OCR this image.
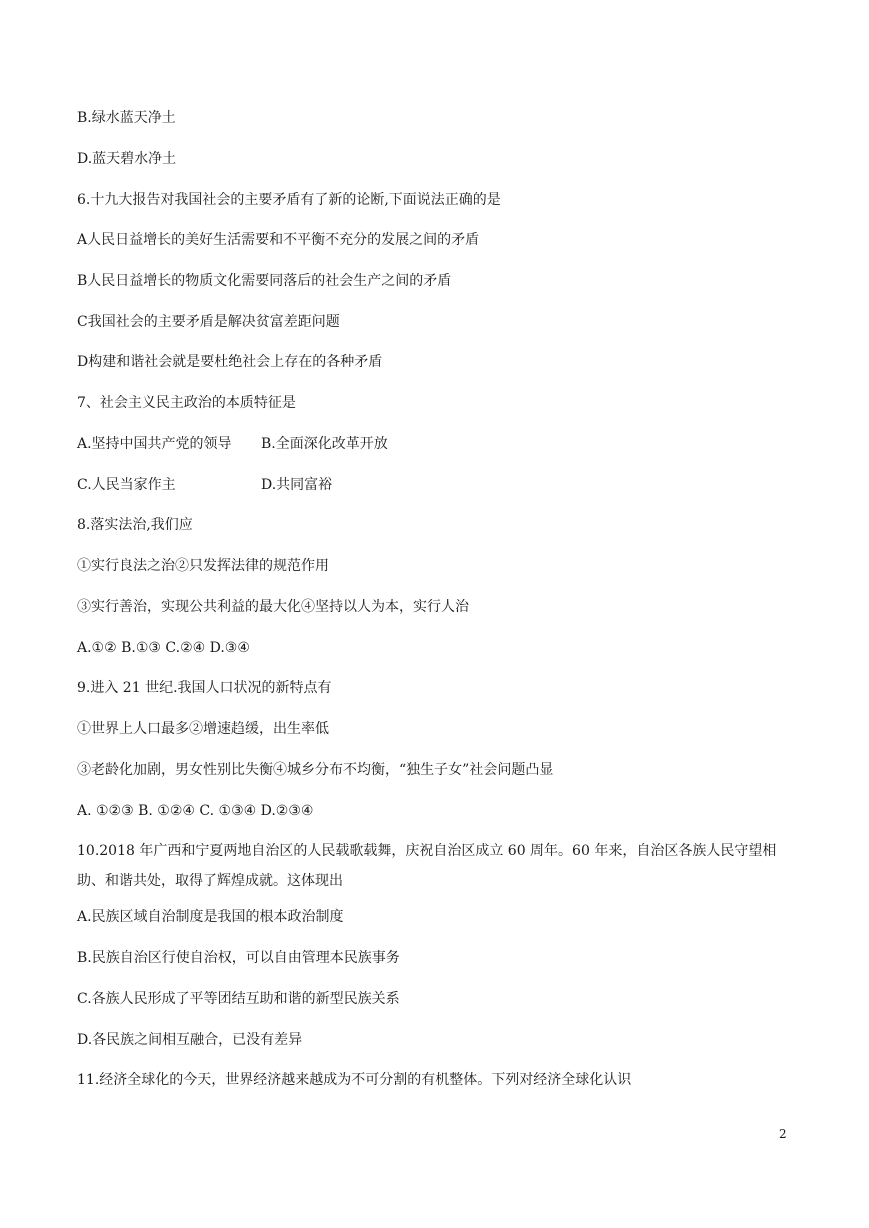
B.绿水蓝天净土
D.蓝天碧水净土
6.十九大报告对我国社会的主要矛盾有了新的论断,下面说法正确的是
A人民日益增长的美好生活需要和不平衡不充分的发展之间的矛盾
B人民日益增长的物质文化需要同落后的社会生产之间的矛盾
C我国社会的主要矛盾是解决贫富差距问题
D构建和谐社会就是要杜绝社会上存在的各种矛盾
7、社会主义民主政治的本质特征是
A.坚持中国共产党的领导 B.全面深化改革开放
C.人民当家作主	D.共同富裕
8.落实法治,我们应
①实行良法之治②只发挥法律的规范作用
③实行善治，实现公共利益的最大化④坚持以人为本，实行人治
A.①② B.①③ C.②④ D.③④
9.进入 21 世纪.我国人口状况的新特点有
①世界上人口最多②增速趋缓，出生率低
③老龄化加剧，男女性别比失衡④城乡分布不均衡，“独生子女”社会问题凸显
A. ①②③ B. ①②④ C. ①③④ D.②③④
10.2018 年广西和宁夏两地自治区的人民载歌载舞，庆祝自治区成立 60 周年。60 年来，自治区各族人民守望相助、和谐共处，取得了辉煌成就。这体现出
A.民族区域自治制度是我国的根本政治制度
B.民族自治区行使自治权，可以自由管理本民族事务
C.各族人民形成了平等团结互助和谐的新型民族关系
D.各民族之间相互融合，已没有差异
11.经济全球化的今天，世界经济越来越成为不可分割的有机整体。下列对经济全球化认识
2
